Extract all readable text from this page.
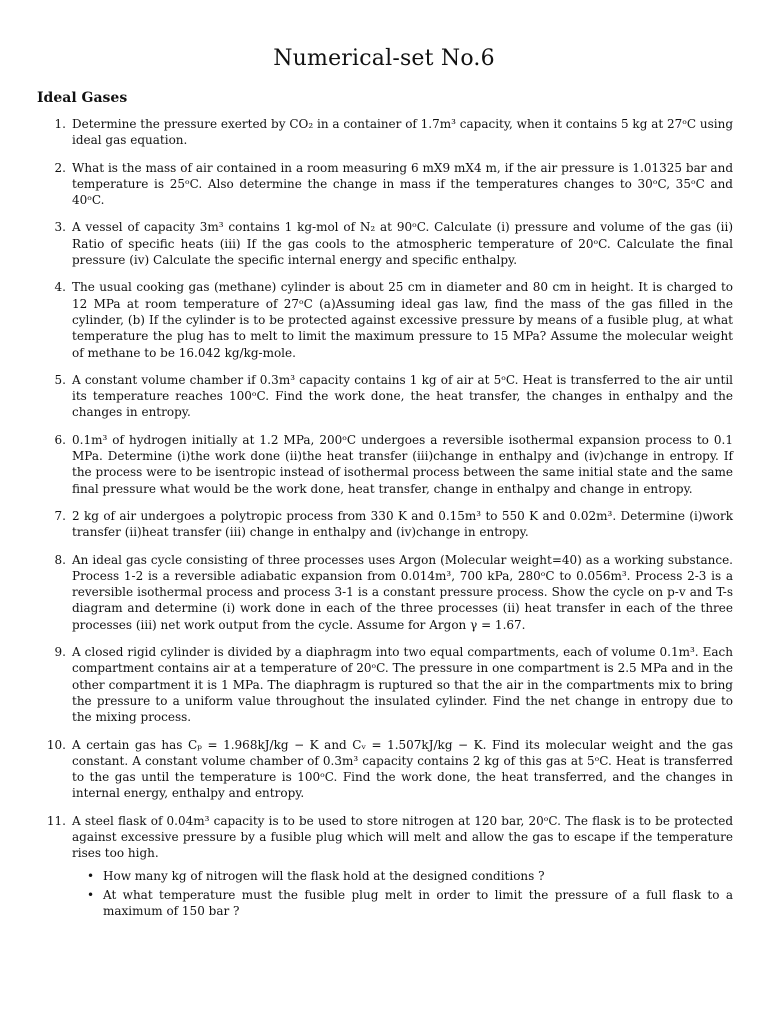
Numerical-set No.6
Ideal Gases
1. Determine the pressure exerted by CO₂ in a container of 1.7m³ capacity, when it contains 5 kg at 27ᵒC using ideal gas equation.
2. What is the mass of air contained in a room measuring 6 mX9 mX4 m, if the air pressure is 1.01325 bar and temperature is 25ᵒC. Also determine the change in mass if the temperatures changes to 30ᵒC, 35ᵒC and 40ᵒC.
3. A vessel of capacity 3m³ contains 1 kg-mol of N₂ at 90ᵒC. Calculate (i) pressure and volume of the gas (ii) Ratio of specific heats (iii) If the gas cools to the atmospheric temperature of 20ᵒC. Calculate the final pressure (iv) Calculate the specific internal energy and specific enthalpy.
4. The usual cooking gas (methane) cylinder is about 25 cm in diameter and 80 cm in height. It is charged to 12 MPa at room temperature of 27ᵒC (a)Assuming ideal gas law, find the mass of the gas filled in the cylinder, (b) If the cylinder is to be protected against excessive pressure by means of a fusible plug, at what temperature the plug has to melt to limit the maximum pressure to 15 MPa? Assume the molecular weight of methane to be 16.042 kg/kg-mole.
5. A constant volume chamber if 0.3m³ capacity contains 1 kg of air at 5ᵒC. Heat is transferred to the air until its temperature reaches 100ᵒC. Find the work done, the heat transfer, the changes in enthalpy and the changes in entropy.
6. 0.1m³ of hydrogen initially at 1.2 MPa, 200ᵒC undergoes a reversible isothermal expansion process to 0.1 MPa. Determine (i)the work done (ii)the heat transfer (iii)change in enthalpy and (iv)change in entropy. If the process were to be isentropic instead of isothermal process between the same initial state and the same final pressure what would be the work done, heat transfer, change in enthalpy and change in entropy.
7. 2 kg of air undergoes a polytropic process from 330 K and 0.15m³ to 550 K and 0.02m³. Determine (i)work transfer (ii)heat transfer (iii) change in enthalpy and (iv)change in entropy.
8. An ideal gas cycle consisting of three processes uses Argon (Molecular weight=40) as a working substance. Process 1-2 is a reversible adiabatic expansion from 0.014m³, 700 kPa, 280ᵒC to 0.056m³. Process 2-3 is a reversible isothermal process and process 3-1 is a constant pressure process. Show the cycle on p-v and T-s diagram and determine (i) work done in each of the three processes (ii) heat transfer in each of the three processes (iii) net work output from the cycle. Assume for Argon γ = 1.67.
9. A closed rigid cylinder is divided by a diaphragm into two equal compartments, each of volume 0.1m³. Each compartment contains air at a temperature of 20ᵒC. The pressure in one compartment is 2.5 MPa and in the other compartment it is 1 MPa. The diaphragm is ruptured so that the air in the compartments mix to bring the pressure to a uniform value throughout the insulated cylinder. Find the net change in entropy due to the mixing process.
10. A certain gas has Cₚ = 1.968kJ/kg − K and Cᵥ = 1.507kJ/kg − K. Find its molecular weight and the gas constant. A constant volume chamber of 0.3m³ capacity contains 2 kg of this gas at 5ᵒC. Heat is transferred to the gas until the temperature is 100ᵒC. Find the work done, the heat transferred, and the changes in internal energy, enthalpy and entropy.
11. A steel flask of 0.04m³ capacity is to be used to store nitrogen at 120 bar, 20ᵒC. The flask is to be protected against excessive pressure by a fusible plug which will melt and allow the gas to escape if the temperature rises too high.
• How many kg of nitrogen will the flask hold at the designed conditions ?
• At what temperature must the fusible plug melt in order to limit the pressure of a full flask to a maximum of 150 bar ?
